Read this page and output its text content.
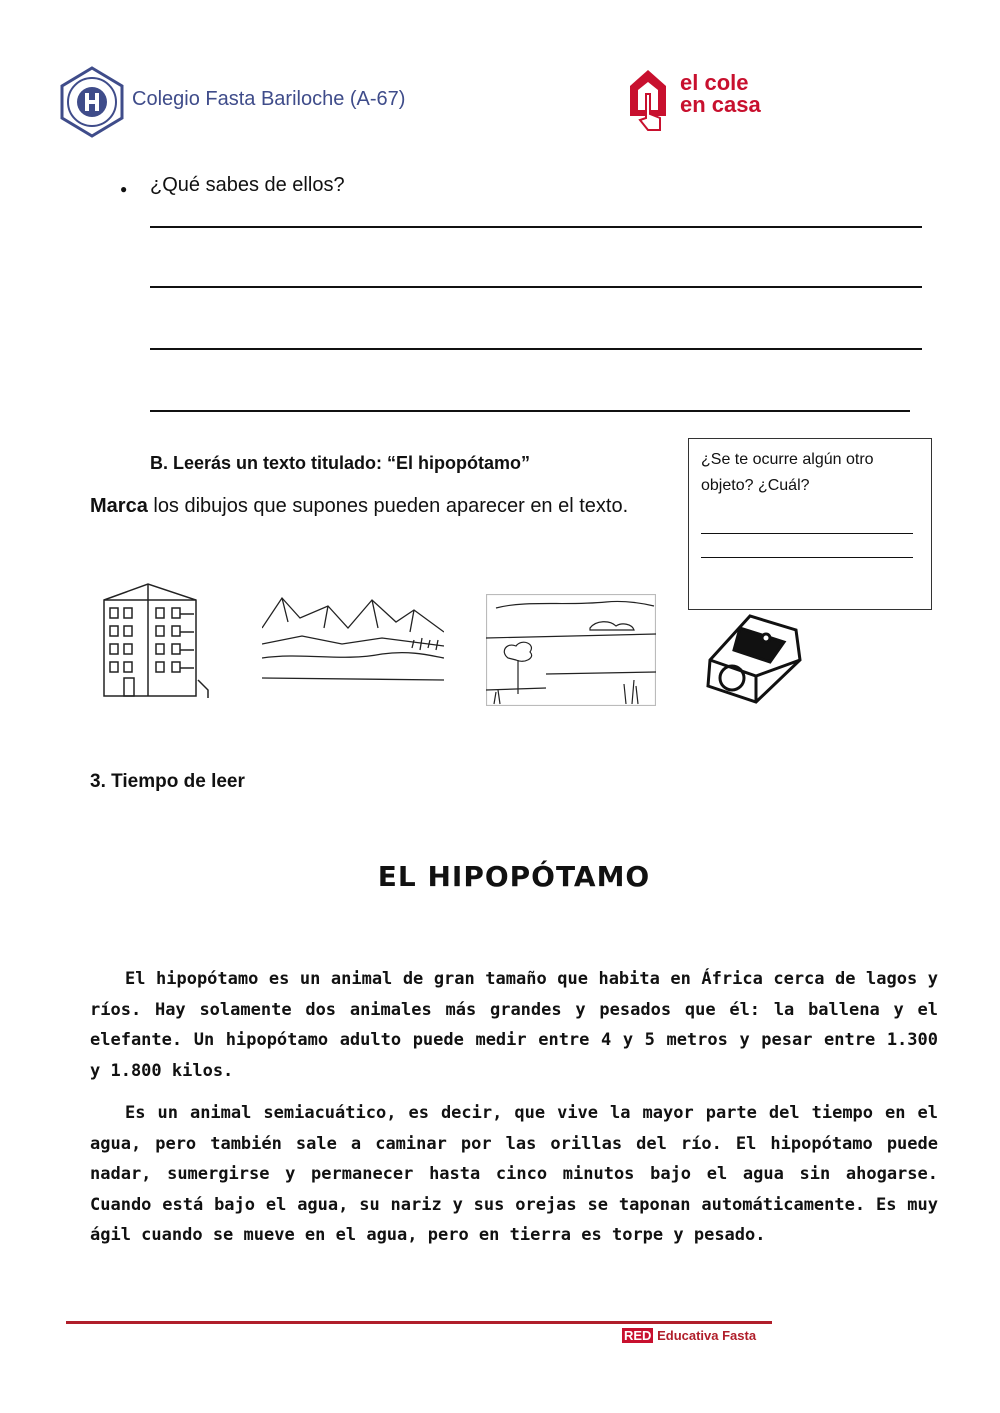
Colegio Fasta Bariloche (A-67)
el cole
en casa
● ¿Qué sabes de ellos?
B. Leerás un texto titulado: “El hipopótamo”
Marca los dibujos que supones pueden aparecer en el texto.
¿Se te ocurre algún otro objeto? ¿Cuál?
3. Tiempo de leer
EL HIPOPÓTAMO

El hipopótamo es un animal de gran tamaño que habita en África cerca de lagos y ríos. Hay solamente dos animales más grandes y pesados que él: la ballena y el elefante. Un hipopótamo adulto puede medir entre 4 y 5 metros y pesar entre 1.300 y 1.800 kilos.

Es un animal semiacuático, es decir, que vive la mayor parte del tiempo en el agua, pero también sale a caminar por las orillas del río. El hipopótamo puede nadar, sumergirse y permanecer hasta cinco minutos bajo el agua sin ahogarse. Cuando está bajo el agua, su nariz y sus orejas se taponan automáticamente. Es muy ágil cuando se mueve en el agua, pero en tierra es torpe y pesado.

RED Educativa Fasta
